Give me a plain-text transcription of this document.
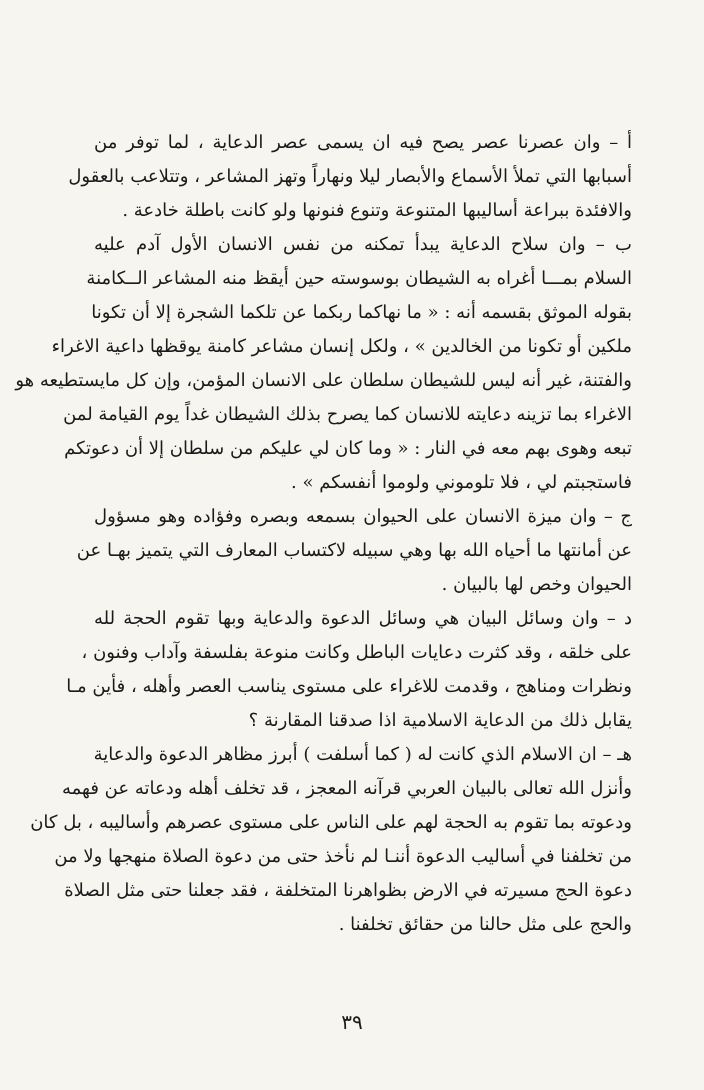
أ – وان عصرنا عصر يصح فيه ان يسمى عصر الدعاية ، لما توفر من
أسبابها التي تملأ الأسماع والأبصار ليلا ونهاراً وتهز المشاعر ، وتتلاعب بالعقول
والافئدة ببراعة أساليبها المتنوعة وتنوع فنونها ولو كانت باطلة خادعة .
ب – وان سلاح الدعاية يبدأ تمكنه من نفس الانسان الأول آدم عليه
السلام بمـــا أغراه به الشيطان بوسوسته حين أيقظ منه المشاعر الــكامنة
بقوله الموثق بقسمه أنه : « ما نهاكما ربكما عن تلكما الشجرة إلا أن تكونا
ملكين أو تكونا من الخالدين » ، ولكل إنسان مشاعر كامنة يوقظها داعية الاغراء
والفتنة، غير أنه ليس للشيطان سلطان على الانسان المؤمن، وإن كل مايستطيعه هو
الاغراء بما تزينه دعايته للانسان كما يصرح بذلك الشيطان غداً يوم القيامة لمن
تبعه وهوى بهم معه في النار : « وما كان لي عليكم من سلطان إلا أن دعوتكم
فاستجبتم لي ، فلا تلوموني ولوموا أنفسكم » .
ج – وان ميزة الانسان على الحيوان بسمعه وبصره وفؤاده وهو مسؤول
عن أمانتها ما أحياه الله بها وهي سبيله لاكتساب المعارف التي يتميز بهـا عن
الحيوان وخص لها بالبيان .
د – وان وسائل البيان هي وسائل الدعوة والدعاية وبها تقوم الحجة لله
على خلقه ، وقد كثرت دعايات الباطل وكانت منوعة بفلسفة وآداب وفنون ،
ونظرات ومناهج ، وقدمت للاغراء على مستوى يناسب العصر وأهله ، فأين مـا
يقابل ذلك من الدعاية الاسلامية اذا صدقنا المقارنة ؟
هـ – ان الاسلام الذي كانت له ( كما أسلفت ) أبرز مظاهر الدعوة والدعاية
وأنزل الله تعالى بالبيان العربي قرآنه المعجز ، قد تخلف أهله ودعاته عن فهمه
ودعوته بما تقوم به الحجة لهم على الناس على مستوى عصرهم وأساليبه ، بل كان
من تخلفنا في أساليب الدعوة أننـا لم نأخذ حتى من دعوة الصلاة منهجها ولا من
دعوة الحج مسيرته في الارض بظواهرنا المتخلفة ، فقد جعلنا حتى مثل الصلاة
والحج على مثل حالنا من حقائق تخلفنا .
٣٩
